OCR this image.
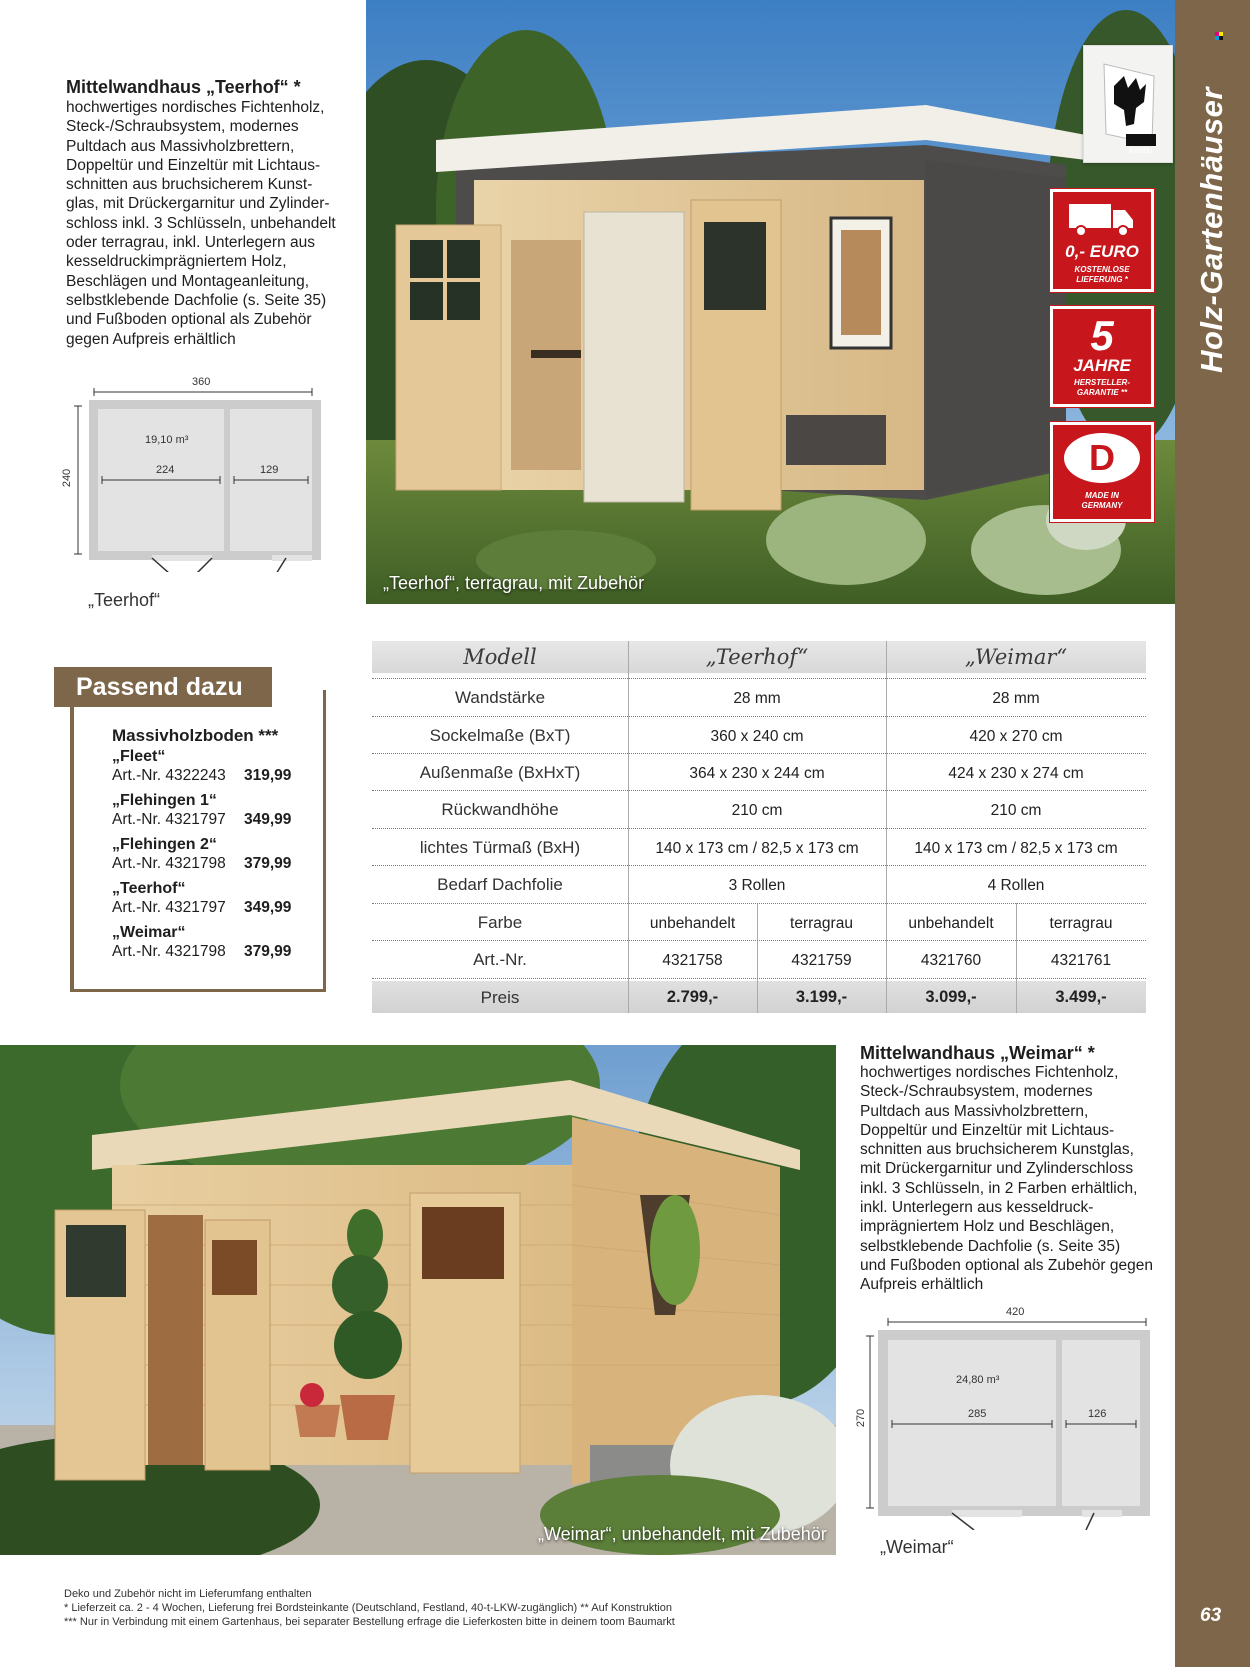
Holz-Gartenhäuser
63
Mittelwandhaus „Teerhof“ *
hochwertiges nordisches Fichtenholz,
Steck-/Schraubsystem, modernes
Pultdach aus Massivholzbrettern,
Doppeltür und Einzeltür mit Lichtaus-
schnitten aus bruchsicherem Kunst-
glas, mit Drückergarnitur und Zylinder-
schloss inkl. 3 Schlüsseln, unbehandelt
oder terragrau, inkl. Unterlegern aus
kesseldruckimprägniertem Holz,
Beschlägen und Montageanleitung,
selbstklebende Dachfolie (s. Seite 35)
und Fußboden optional als Zubehör
gegen Aufpreis erhältlich
360
240
19,10 m³
224	129
„Teerhof“
„Teerhof“, terragrau, mit Zubehör
Karibu
0,- EURO
KOSTENLOSE
LIEFERUNG *
5
JAHRE
HERSTELLER-
GARANTIE **
D
MADE IN
GERMANY
Passend dazu
Massivholzboden ***
„Fleet“
Art.-Nr. 4322243 319,99
„Flehingen 1“
Art.-Nr. 4321797 349,99
„Flehingen 2“
Art.-Nr. 4321798 379,99
„Teerhof“
Art.-Nr. 4321797 349,99
„Weimar“
Art.-Nr. 4321798 379,99
Modell	„Teerhof“	„Weimar“
Wandstärke	28 mm	28 mm
Sockelmaße (BxT)	360 x 240 cm	420 x 270 cm
Außenmaße (BxHxT)	364 x 230 x 244 cm	424 x 230 x 274 cm
Rückwandhöhe	210 cm	210 cm
lichtes Türmaß (BxH)	140 x 173 cm / 82,5 x 173 cm	140 x 173 cm / 82,5 x 173 cm
Bedarf Dachfolie	3 Rollen	4 Rollen
Farbe	unbehandelt	terragrau	unbehandelt	terragrau
Art.-Nr.	4321758	4321759	4321760	4321761
Preis	2.799,-	3.199,-	3.099,-	3.499,-
„Weimar“, unbehandelt, mit Zubehör
Mittelwandhaus „Weimar“ *
hochwertiges nordisches Fichtenholz,
Steck-/Schraubsystem, modernes
Pultdach aus Massivholzbrettern,
Doppeltür und Einzeltür mit Lichtaus-
schnitten aus bruchsicherem Kunstglas,
mit Drückergarnitur und Zylinderschloss
inkl. 3 Schlüsseln, in 2 Farben erhältlich,
inkl. Unterlegern aus kesseldruck-
imprägniertem Holz und Beschlägen,
selbstklebende Dachfolie (s. Seite 35)
und Fußboden optional als Zubehör gegen
Aufpreis erhältlich
420
270
24,80 m³
285	126
„Weimar“
Deko und Zubehör nicht im Lieferumfang enthalten
* Lieferzeit ca. 2 - 4 Wochen, Lieferung frei Bordsteinkante (Deutschland, Festland, 40-t-LKW-zugänglich) ** Auf Konstruktion
*** Nur in Verbindung mit einem Gartenhaus, bei separater Bestellung erfrage die Lieferkosten bitte in deinem toom Baumarkt
